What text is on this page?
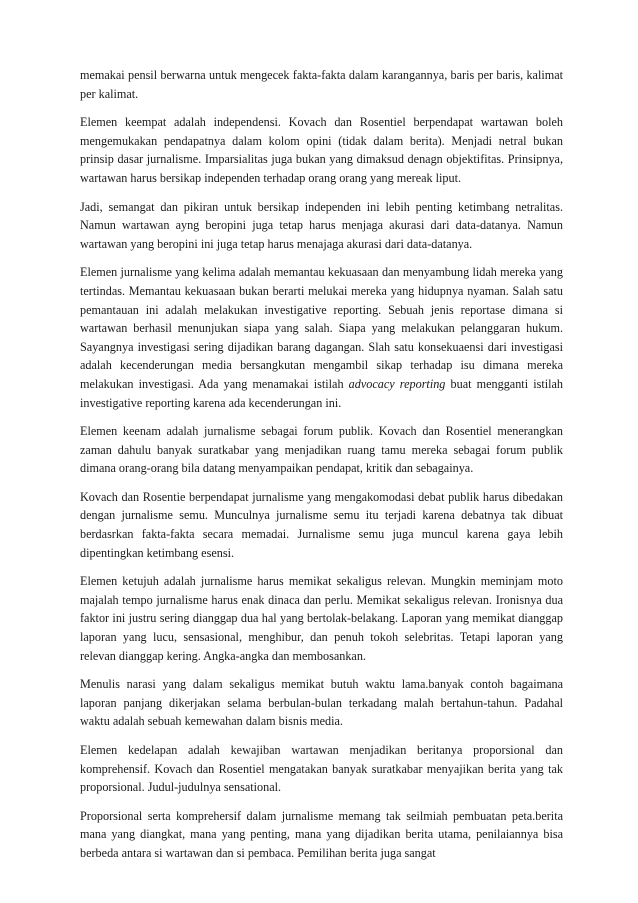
memakai pensil berwarna untuk mengecek fakta-fakta dalam karangannya, baris per baris, kalimat per kalimat.

Elemen keempat adalah independensi. Kovach dan Rosentiel berpendapat wartawan boleh mengemukakan pendapatnya dalam kolom opini (tidak dalam berita). Menjadi netral bukan prinsip dasar jurnalisme. Imparsialitas juga bukan yang dimaksud denagn objektifitas. Prinsipnya, wartawan harus bersikap independen terhadap orang orang yang mereak liput.

Jadi, semangat dan pikiran untuk bersikap independen ini lebih penting ketimbang netralitas. Namun wartawan ayng beropini juga tetap harus menjaga akurasi dari data-datanya. Namun wartawan yang beropini ini juga tetap harus menajaga akurasi dari data-datanya.

Elemen jurnalisme yang kelima adalah memantau kekuasaan dan menyambung lidah mereka yang tertindas. Memantau kekuasaan bukan berarti melukai mereka yang hidupnya nyaman. Salah satu pemantauan ini adalah melakukan investigative reporting. Sebuah jenis reportase dimana si wartawan berhasil menunjukan siapa yang salah. Siapa yang melakukan pelanggaran hukum. Sayangnya investigasi sering dijadikan barang dagangan. Slah satu konsekuaensi dari investigasi adalah kecenderungan media bersangkutan mengambil sikap terhadap isu dimana mereka melakukan investigasi. Ada yang menamakai istilah advocacy reporting buat mengganti istilah investigative reporting karena ada kecenderungan ini.

Elemen keenam adalah jurnalisme sebagai forum publik. Kovach dan Rosentiel menerangkan zaman dahulu banyak suratkabar yang menjadikan ruang tamu mereka sebagai forum publik dimana orang-orang bila datang menyampaikan pendapat, kritik dan sebagainya.

Kovach dan Rosentie berpendapat jurnalisme yang mengakomodasi debat publik harus dibedakan dengan jurnalisme semu. Munculnya jurnalisme semu itu terjadi karena debatnya tak dibuat berdasrkan fakta-fakta secara memadai. Jurnalisme semu juga muncul karena gaya lebih dipentingkan ketimbang esensi.

Elemen ketujuh adalah jurnalisme harus memikat sekaligus relevan. Mungkin meminjam moto majalah tempo jurnalisme harus enak dinaca dan perlu. Memikat sekaligus relevan. Ironisnya dua faktor ini justru sering dianggap dua hal yang bertolak-belakang. Laporan yang memikat dianggap laporan yang lucu, sensasional, menghibur, dan penuh tokoh selebritas. Tetapi laporan yang relevan dianggap kering. Angka-angka dan membosankan.

Menulis narasi yang dalam sekaligus memikat butuh waktu lama.banyak contoh bagaimana laporan panjang dikerjakan selama berbulan-bulan terkadang malah bertahun-tahun. Padahal waktu adalah sebuah kemewahan dalam bisnis media.

Elemen kedelapan adalah kewajiban wartawan menjadikan beritanya proporsional dan komprehensif. Kovach dan Rosentiel mengatakan banyak suratkabar menyajikan berita yang tak proporsional. Judul-judulnya sensational.

Proporsional serta komprehersif dalam jurnalisme memang tak seilmiah pembuatan peta.berita mana yang diangkat, mana yang penting, mana yang dijadikan berita utama, penilaiannya bisa berbeda antara si wartawan dan si pembaca. Pemilihan berita juga sangat
